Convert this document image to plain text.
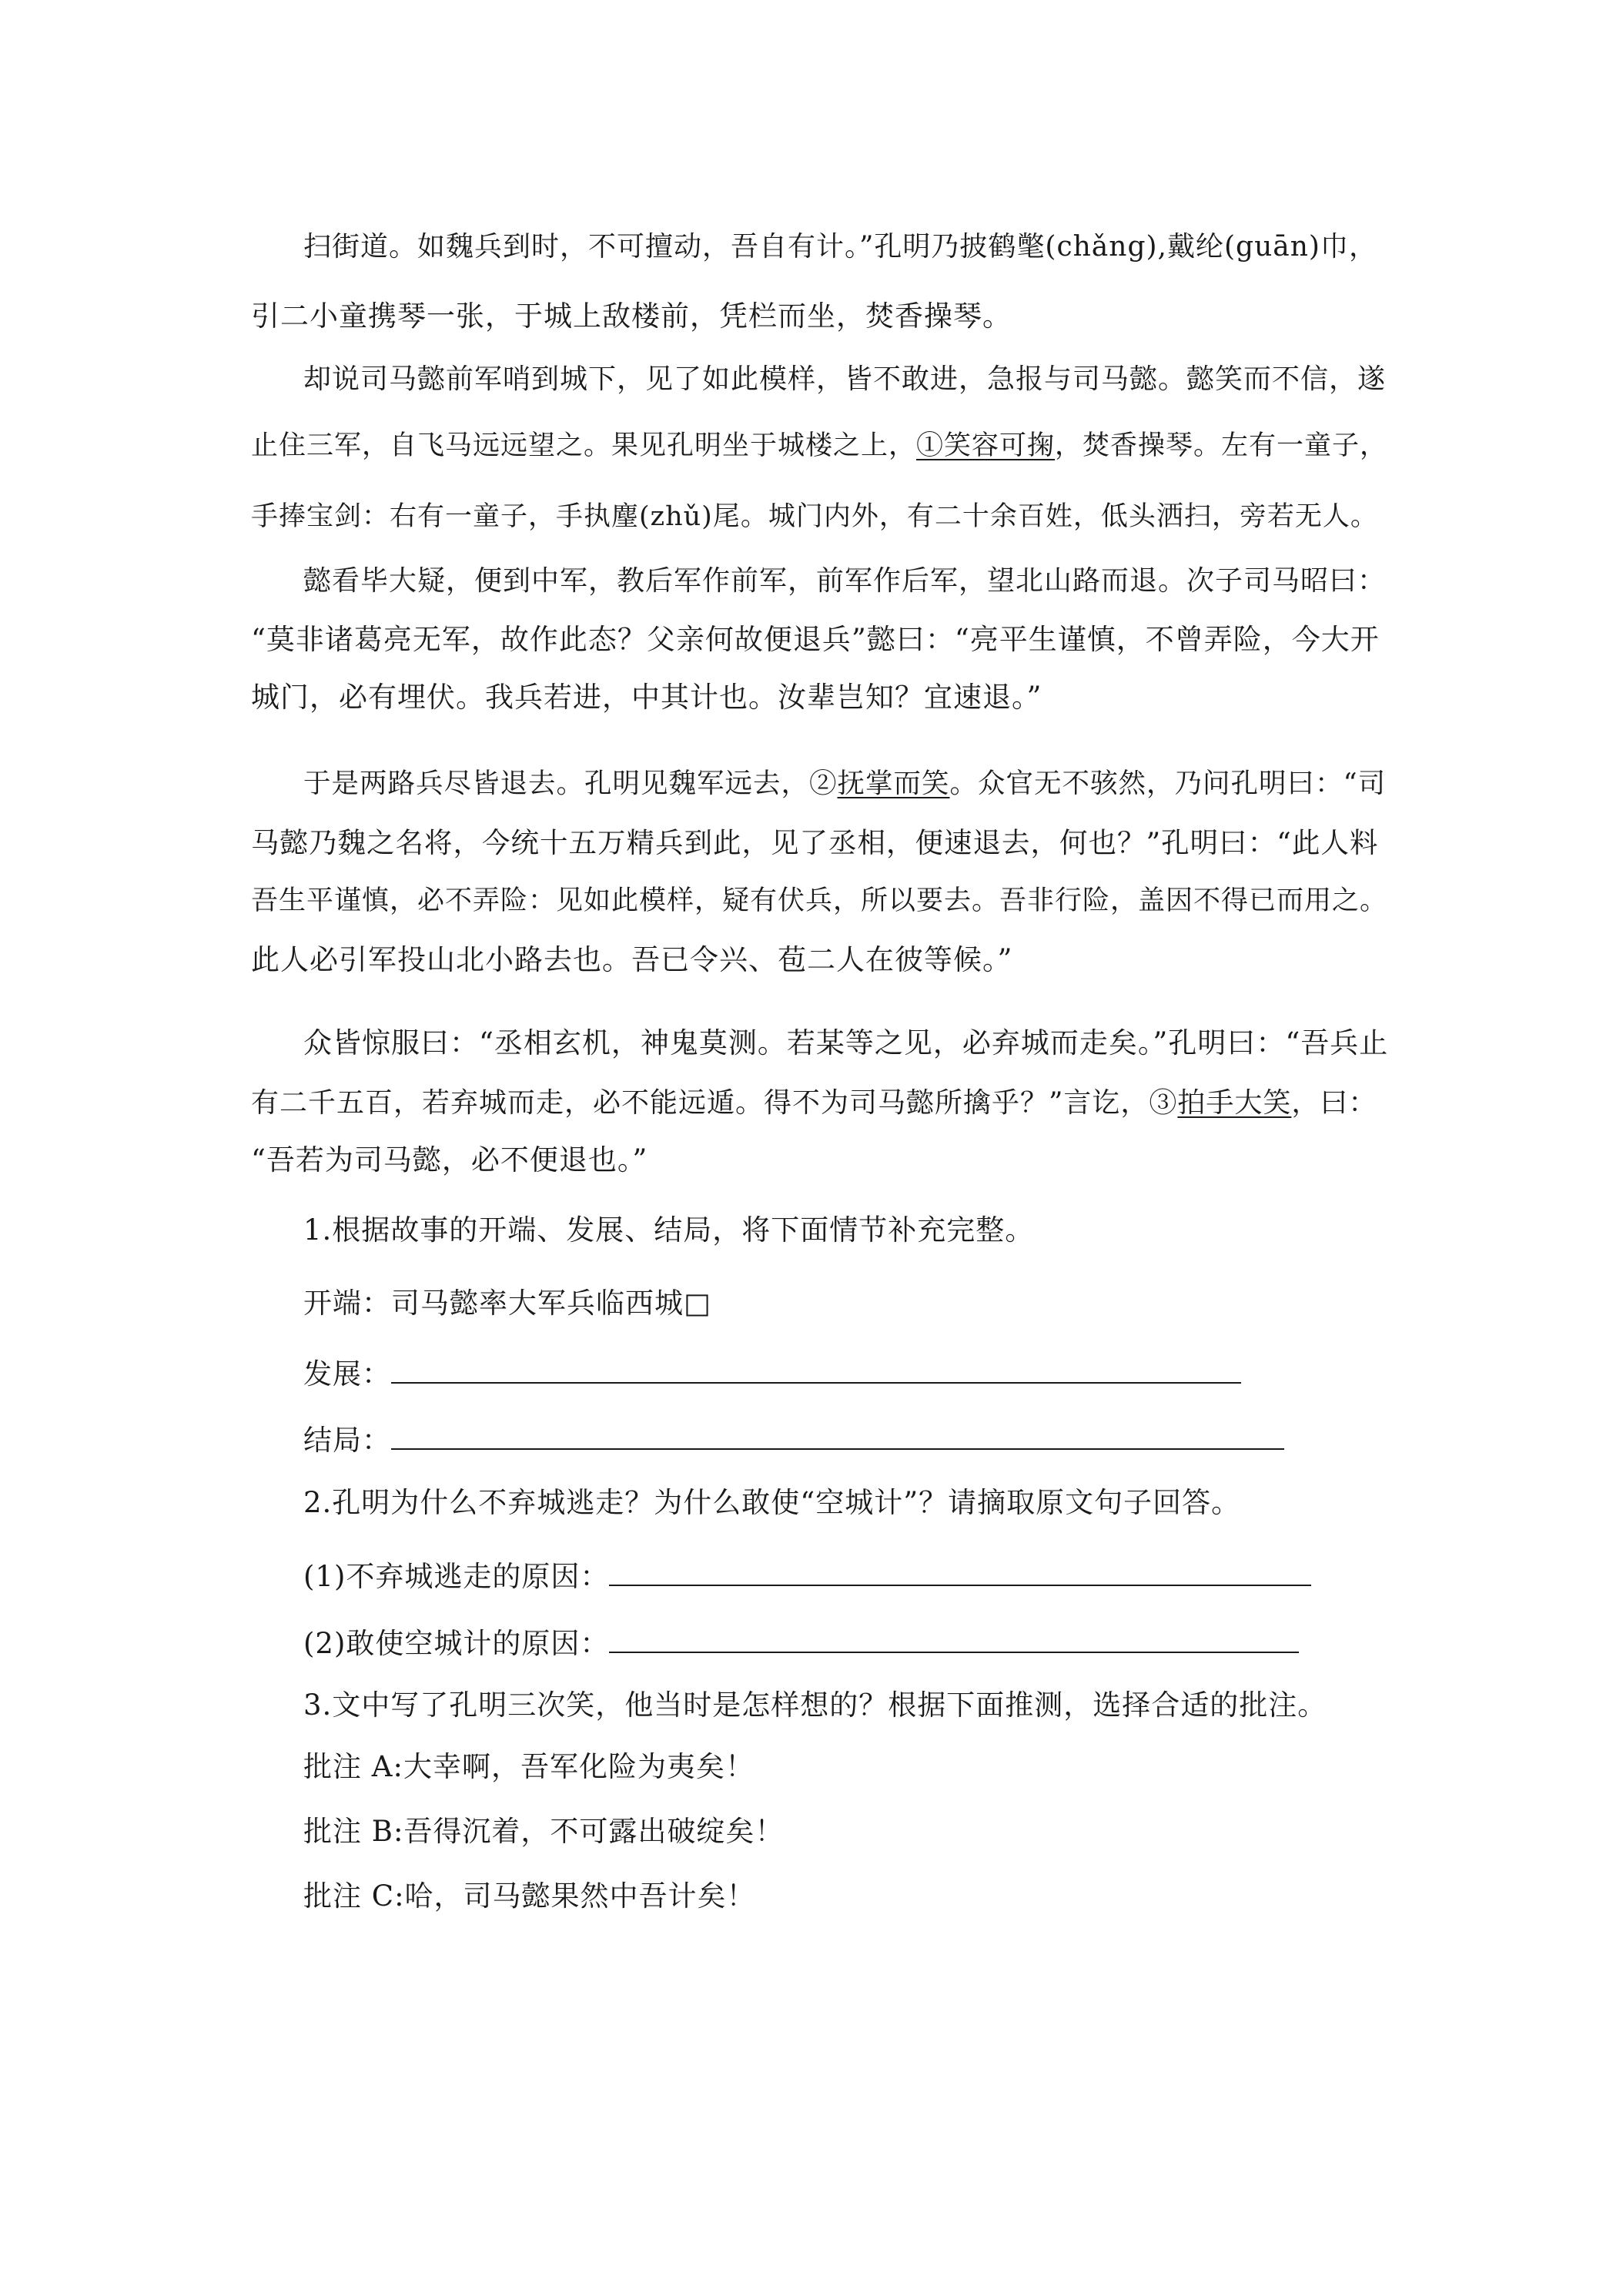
扫街道。如魏兵到时，不可擅动，吾自有计。”孔明乃披鹤氅(chǎng),戴纶(guān)巾，
引二小童携琴一张，于城上敌楼前，凭栏而坐，焚香操琴。
却说司马懿前军哨到城下，见了如此模样，皆不敢进，急报与司马懿。懿笑而不信，遂
止住三军，自飞马远远望之。果见孔明坐于城楼之上，①笑容可掬，焚香操琴。左有一童子，
手捧宝剑：右有一童子，手执麈(zhǔ)尾。城门内外，有二十余百姓，低头洒扫，旁若无人。
懿看毕大疑，便到中军，教后军作前军，前军作后军，望北山路而退。次子司马昭曰：
“莫非诸葛亮无军，故作此态？父亲何故便退兵”懿曰：“亮平生谨慎，不曾弄险，今大开
城门，必有埋伏。我兵若进，中其计也。汝辈岂知？宜速退。”
于是两路兵尽皆退去。孔明见魏军远去，②抚掌而笑。众官无不骇然，乃问孔明曰：“司
马懿乃魏之名将，今统十五万精兵到此，见了丞相，便速退去，何也？”孔明曰：“此人料
吾生平谨慎，必不弄险：见如此模样，疑有伏兵，所以要去。吾非行险，盖因不得已而用之。
此人必引军投山北小路去也。吾已令兴、苞二人在彼等候。”
众皆惊服曰：“丞相玄机，神鬼莫测。若某等之见，必弃城而走矣。”孔明曰：“吾兵止
有二千五百，若弃城而走，必不能远遁。得不为司马懿所擒乎？”言讫，③拍手大笑，曰：
“吾若为司马懿，必不便退也。”
1.根据故事的开端、发展、结局，将下面情节补充完整。
开端：司马懿率大军兵临西城□
发展：
结局：
2.孔明为什么不弃城逃走？为什么敢使“空城计”？请摘取原文句子回答。
(1)不弃城逃走的原因：
(2)敢使空城计的原因：
3.文中写了孔明三次笑，他当时是怎样想的？根据下面推测，选择合适的批注。
批注 A:大幸啊，吾军化险为夷矣！
批注 B:吾得沉着，不可露出破绽矣！
批注 C:哈，司马懿果然中吾计矣！
